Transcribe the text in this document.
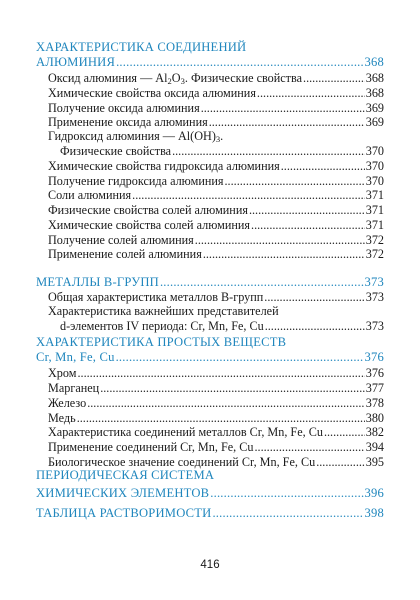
ХАРАКТЕРИСТИКА СОЕДИНЕНИЙ
АЛЮМИНИЯ .....	368
Оксид алюминия — $Al_2O_3$. Физические свойства .....	368
Химические свойства оксида алюминия .....	368
Получение оксида алюминия .....	369
Применение оксида алюминия .....	369
Гидроксид алюминия — $Al(OH)_3$.
Физические свойства .....	370
Химические свойства гидроксида алюминия .....	370
Получение гидроксида алюминия .....	370
Соли алюминия .....	371
Физические свойства солей алюминия .....	371
Химические свойства солей алюминия .....	371
Получение солей алюминия .....	372
Применение солей алюминия .....	372
МЕТАЛЛЫ В-ГРУПП .....	373
Общая характеристика металлов В-групп .....	373
Характеристика важнейших представителей
d-элементов IV периода: Cr, Mn, Fe, Cu .....	373
ХАРАКТЕРИСТИКА ПРОСТЫХ ВЕЩЕСТВ
Cr, Mn, Fe, Cu .....	376
Хром .....	376
Марганец .....	377
Железо .....	378
Медь .....	380
Характеристика соединений металлов Cr, Mn, Fe, Cu .....	382
Применение соединений Cr, Mn, Fe, Cu .....	394
Биологическое значение соединений Cr, Mn, Fe, Cu .....	395
ПЕРИОДИЧЕСКАЯ СИСТЕМА
ХИМИЧЕСКИХ ЭЛЕМЕНТОВ .....	396
ТАБЛИЦА РАСТВОРИМОСТИ .....	398
416
